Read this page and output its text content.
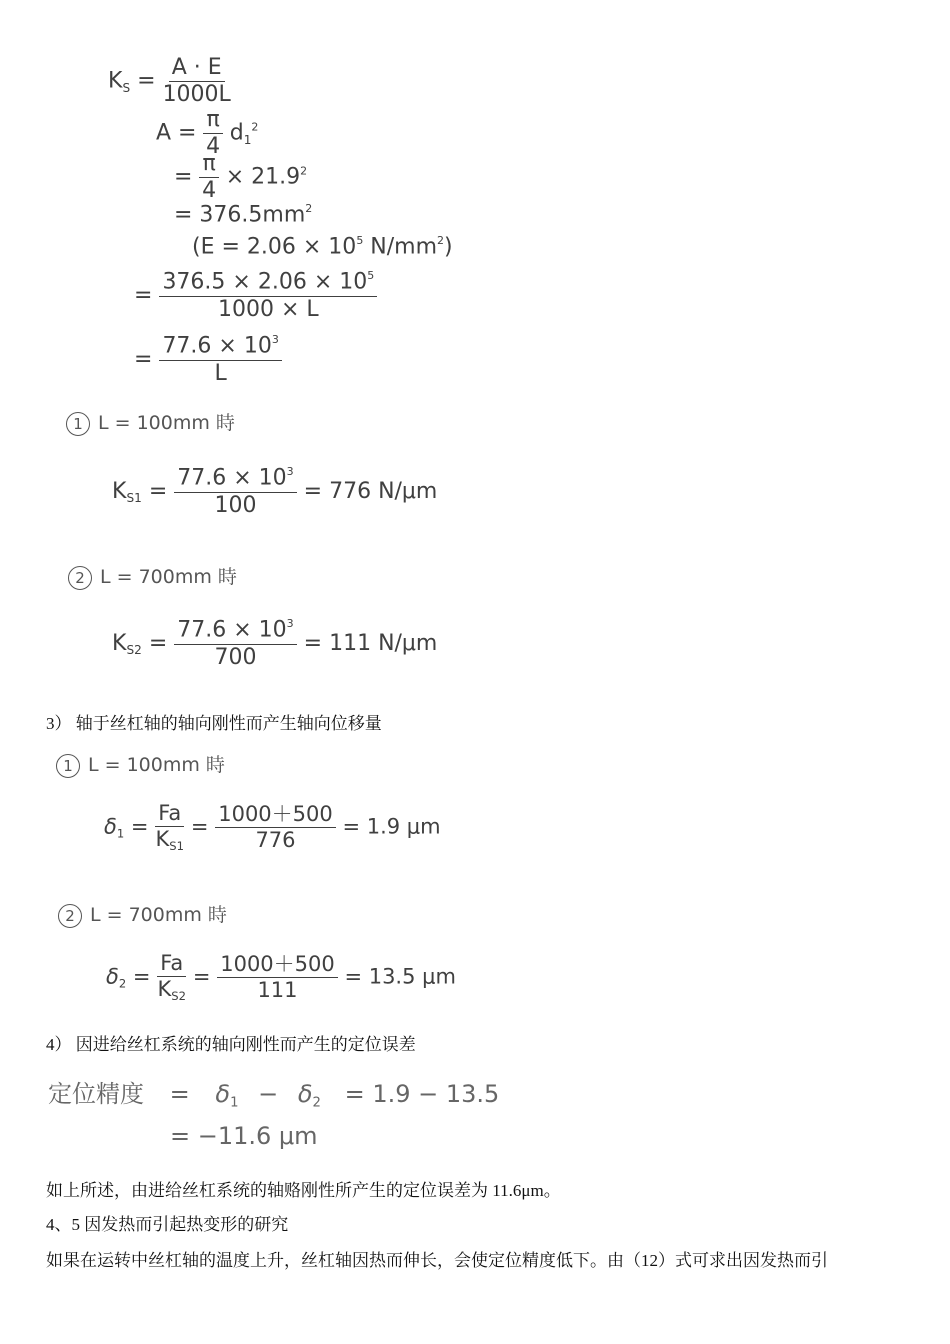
$K_S = \frac{A \cdot E}{1000L}$
$A = \frac{\pi}{4} d_1^2$
= $\frac{\pi}{4} \times 21.9^2$
= $376.5mm^2$
($E = 2.06 \times 10^5$ $N/mm^2$)
= $\frac{376.5 \times 2.06 \times 10^5}{1000 \times L}$
= $\frac{77.6 \times 10^3}{L}$
1 L = 100mm 時
$K_{S1} = \frac{77.6 \times 10^3}{100} = 776$ N/μm
2 L = 700mm 時
$K_{S2} = \frac{77.6 \times 10^3}{700} = 111$ N/μm
3） 轴于丝杠轴的轴向刚性而产生轴向位移量
1 L = 100mm 時
$\delta_1 = \frac{Fa}{K_{S1}} = \frac{1000+500}{776} = 1.9$ μm
2 L = 700mm 時
$\delta_2 = \frac{Fa}{K_{S2}} = \frac{1000+500}{111} = 13.5$ μm
4） 因进给丝杠系统的轴向刚性而产生的定位误差
定位精度 = $\delta_1 - \delta_2 = 1.9 - 13.5$
= −11.6 μm
如上所述，由进给丝杠系统的轴赂刚性所产生的定位误差为 11.6μm。
4、5 因发热而引起热变形的研究
如果在运转中丝杠轴的温度上升，丝杠轴因热而伸长，会使定位精度低下。由（12）式可求出因发热而引
